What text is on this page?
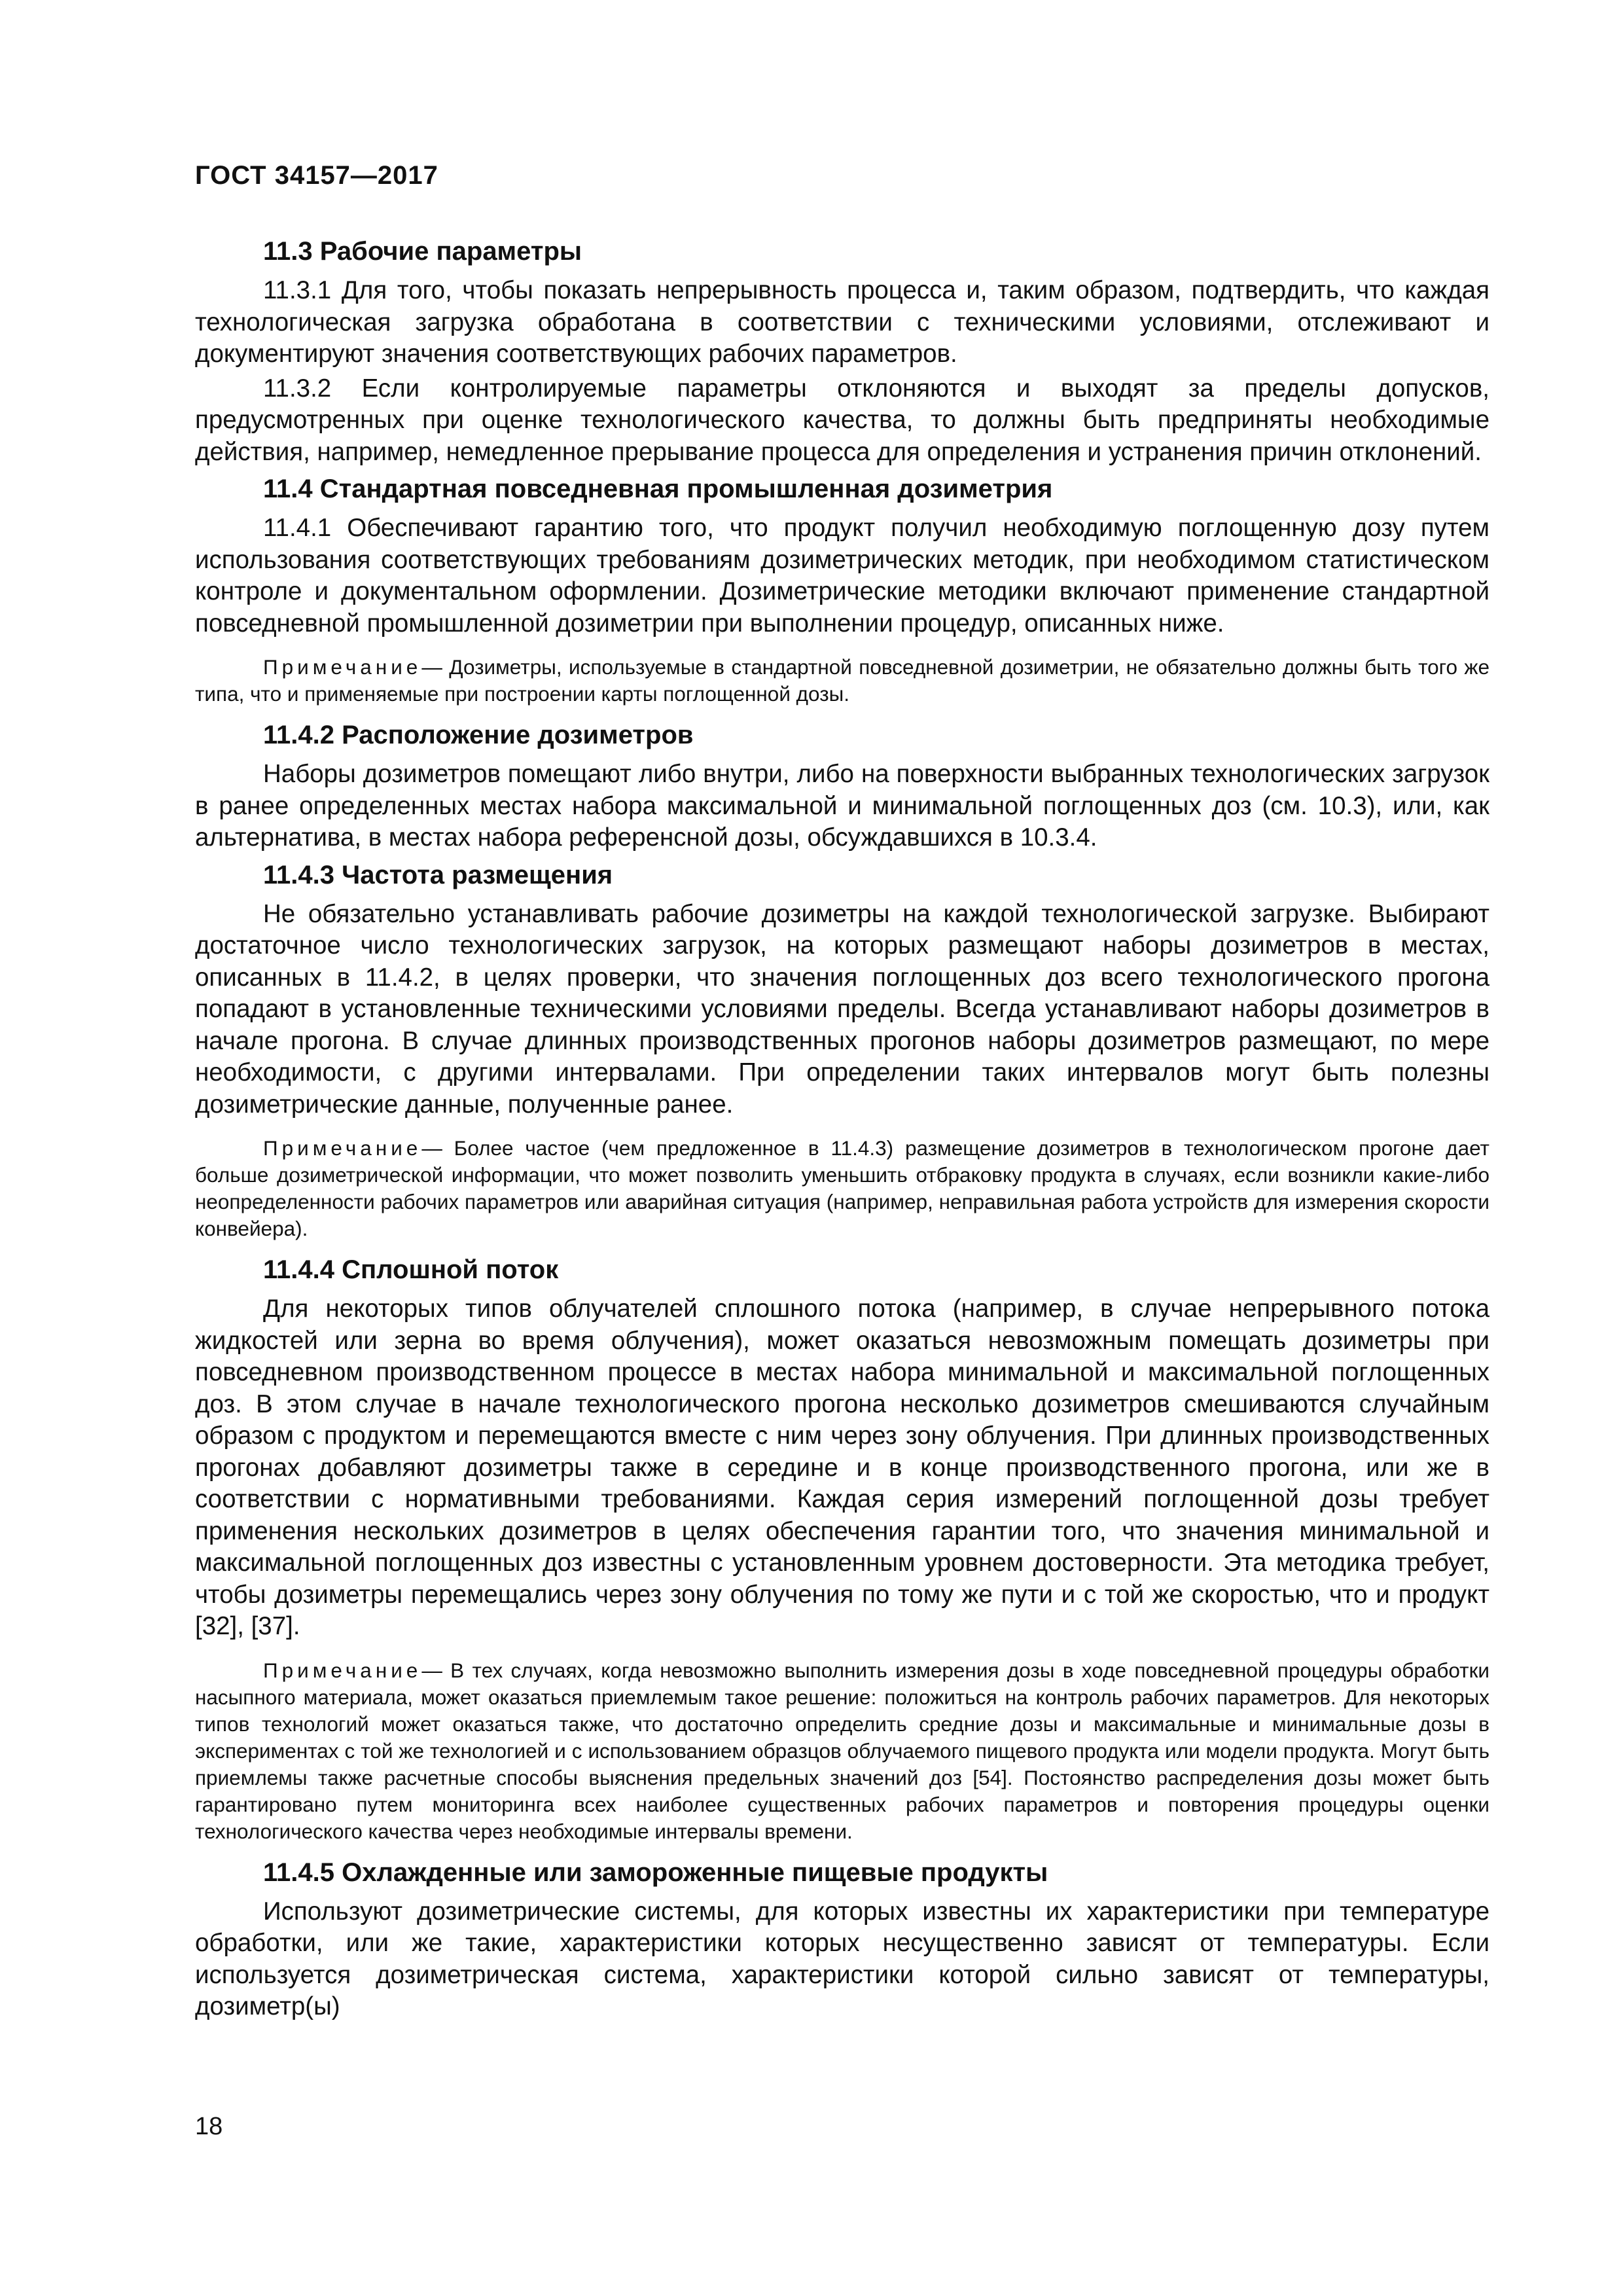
ГОСТ 34157—2017
11.3 Рабочие параметры
11.3.1 Для того, чтобы показать непрерывность процесса и, таким образом, подтвердить, что каждая технологическая загрузка обработана в соответствии с техническими условиями, отслеживают и документируют значения соответствующих рабочих параметров.
11.3.2 Если контролируемые параметры отклоняются и выходят за пределы допусков, предусмотренных при оценке технологического качества, то должны быть предприняты необходимые действия, например, немедленное прерывание процесса для определения и устранения причин отклонений.
11.4 Стандартная повседневная промышленная дозиметрия
11.4.1 Обеспечивают гарантию того, что продукт получил необходимую поглощенную дозу путем использования соответствующих требованиям дозиметрических методик, при необходимом статистическом контроле и документальном оформлении. Дозиметрические методики включают применение стандартной повседневной промышленной дозиметрии при выполнении процедур, описанных ниже.
Примечание— Дозиметры, используемые в стандартной повседневной дозиметрии, не обязательно должны быть того же типа, что и применяемые при построении карты поглощенной дозы.
11.4.2 Расположение дозиметров
Наборы дозиметров помещают либо внутри, либо на поверхности выбранных технологических загрузок в ранее определенных местах набора максимальной и минимальной поглощенных доз (см. 10.3), или, как альтернатива, в местах набора референсной дозы, обсуждавшихся в 10.3.4.
11.4.3 Частота размещения
Не обязательно устанавливать рабочие дозиметры на каждой технологической загрузке. Выбирают достаточное число технологических загрузок, на которых размещают наборы дозиметров в местах, описанных в 11.4.2, в целях проверки, что значения поглощенных доз всего технологического прогона попадают в установленные техническими условиями пределы. Всегда устанавливают наборы дозиметров в начале прогона. В случае длинных производственных прогонов наборы дозиметров размещают, по мере необходимости, с другими интервалами. При определении таких интервалов могут быть полезны дозиметрические данные, полученные ранее.
Примечание— Более частое (чем предложенное в 11.4.3) размещение дозиметров в технологическом прогоне дает больше дозиметрической информации, что может позволить уменьшить отбраковку продукта в случаях, если возникли какие-либо неопределенности рабочих параметров или аварийная ситуация (например, неправильная работа устройств для измерения скорости конвейера).
11.4.4 Сплошной поток
Для некоторых типов облучателей сплошного потока (например, в случае непрерывного потока жидкостей или зерна во время облучения), может оказаться невозможным помещать дозиметры при повседневном производственном процессе в местах набора минимальной и максимальной поглощенных доз. В этом случае в начале технологического прогона несколько дозиметров смешиваются случайным образом с продуктом и перемещаются вместе с ним через зону облучения. При длинных производственных прогонах добавляют дозиметры также в середине и в конце производственного прогона, или же в соответствии с нормативными требованиями. Каждая серия измерений поглощенной дозы требует применения нескольких дозиметров в целях обеспечения гарантии того, что значения минимальной и максимальной поглощенных доз известны с установленным уровнем достоверности. Эта методика требует, чтобы дозиметры перемещались через зону облучения по тому же пути и с той же скоростью, что и продукт [32], [37].
Примечание— В тех случаях, когда невозможно выполнить измерения дозы в ходе повседневной процедуры обработки насыпного материала, может оказаться приемлемым такое решение: положиться на контроль рабочих параметров. Для некоторых типов технологий может оказаться также, что достаточно определить средние дозы и максимальные и минимальные дозы в экспериментах с той же технологией и с использованием образцов облучаемого пищевого продукта или модели продукта. Могут быть приемлемы также расчетные способы выяснения предельных значений доз [54]. Постоянство распределения дозы может быть гарантировано путем мониторинга всех наиболее существенных рабочих параметров и повторения процедуры оценки технологического качества через необходимые интервалы времени.
11.4.5 Охлажденные или замороженные пищевые продукты
Используют дозиметрические системы, для которых известны их характеристики при температуре обработки, или же такие, характеристики которых несущественно зависят от температуры. Если используется дозиметрическая система, характеристики которой сильно зависят от температуры, дозиметр(ы)
18
